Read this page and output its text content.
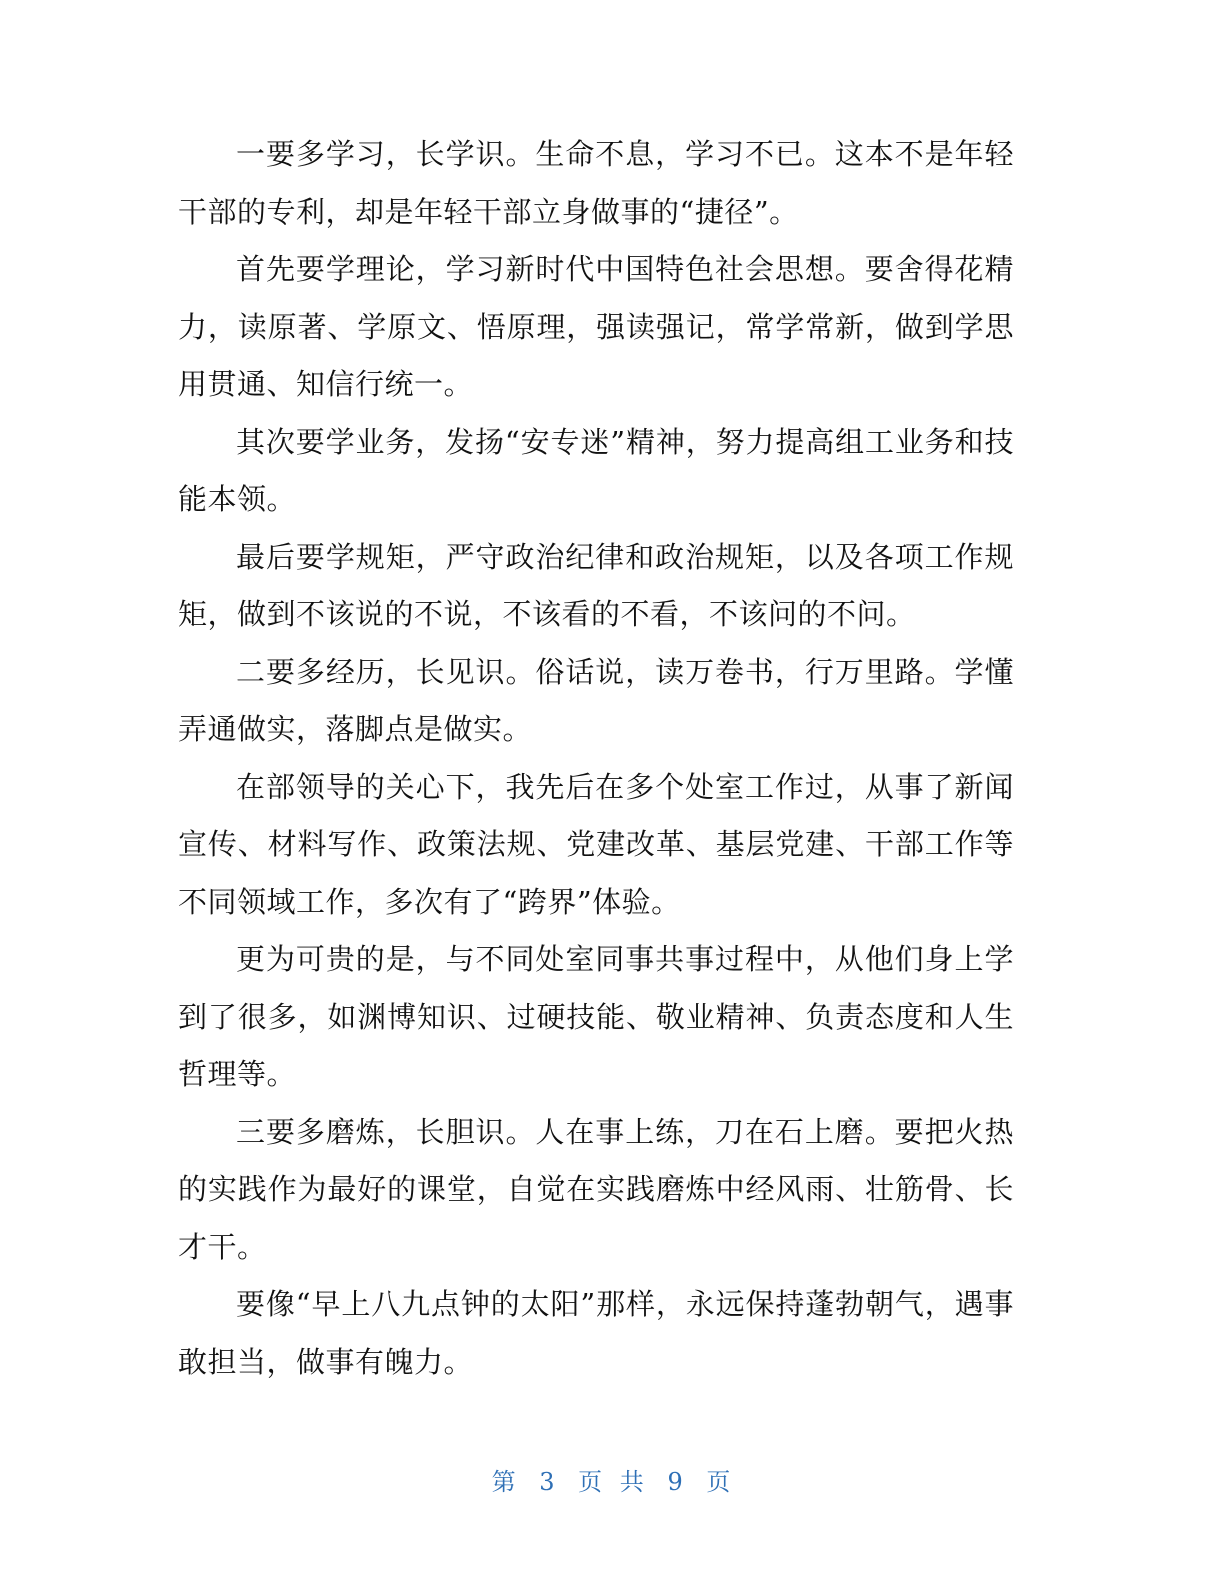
一要多学习，长学识。生命不息，学习不已。这本不是年轻干部的专利，却是年轻干部立身做事的“捷径”。

首先要学理论，学习新时代中国特色社会思想。要舍得花精力，读原著、学原文、悟原理，强读强记，常学常新，做到学思用贯通、知信行统一。

其次要学业务，发扬“安专迷”精神，努力提高组工业务和技能本领。

最后要学规矩，严守政治纪律和政治规矩，以及各项工作规矩，做到不该说的不说，不该看的不看，不该问的不问。

二要多经历，长见识。俗话说，读万卷书，行万里路。学懂弄通做实，落脚点是做实。

在部领导的关心下，我先后在多个处室工作过，从事了新闻宣传、材料写作、政策法规、党建改革、基层党建、干部工作等不同领域工作，多次有了“跨界”体验。

更为可贵的是，与不同处室同事共事过程中，从他们身上学到了很多，如渊博知识、过硬技能、敬业精神、负责态度和人生哲理等。

三要多磨炼，长胆识。人在事上练，刀在石上磨。要把火热的实践作为最好的课堂，自觉在实践磨炼中经风雨、壮筋骨、长才干。

要像“早上八九点钟的太阳”那样，永远保持蓬勃朝气，遇事敢担当，做事有魄力。

第 3 页 共 9 页
